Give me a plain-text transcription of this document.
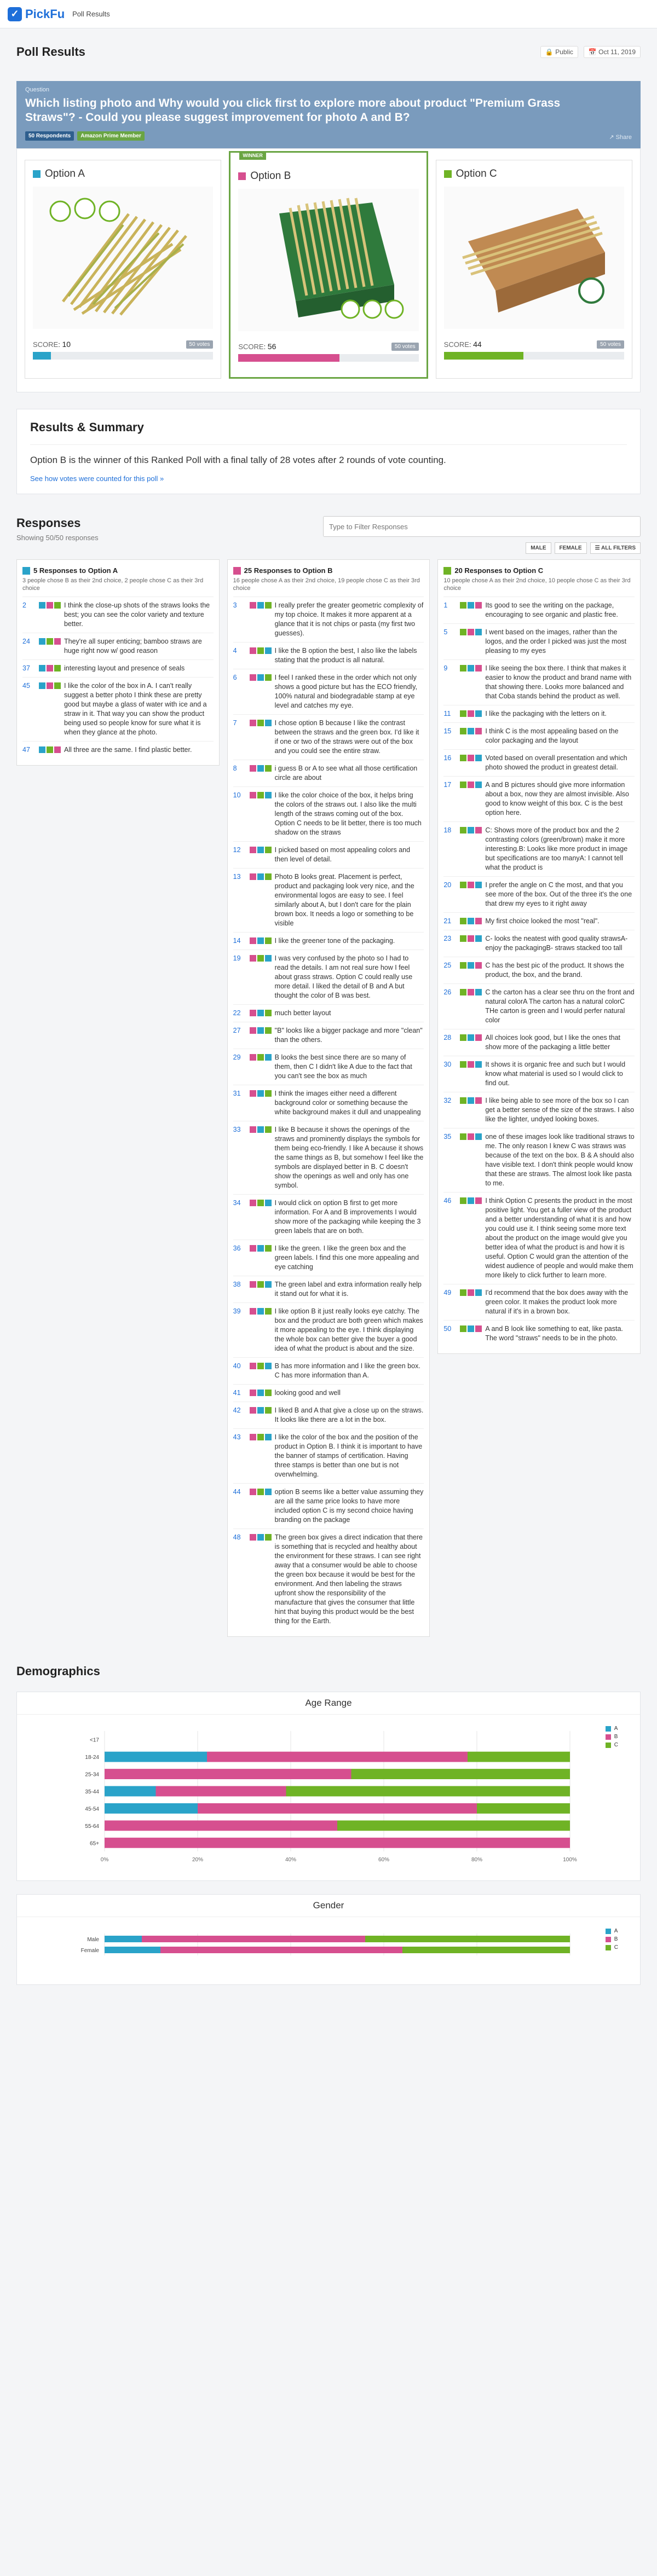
✓ PickFu Poll Results
Poll Results	🔒 Public	📅 Oct 11, 2019
Question
Which listing photo and Why would you click first to explore more about product "Premium Grass Straws"? - Could you please suggest improvement for photo A and B?
50 Respondents	Amazon Prime Member	↗ Share
Option A
SCORE: 10	50 votes
WINNER
Option B
SCORE: 56	50 votes
Option C
SCORE: 44	50 votes
Results & Summary
Option B is the winner of this Ranked Poll with a final tally of 28 votes after 2 rounds of vote counting.
See how votes were counted for this poll »
Responses
Showing 50/50 responses
Type to Filter Responses
MALE	FEMALE	☰ ALL FILTERS
5 Responses to Option A
3 people chose B as their 2nd choice, 2 people chose C as their 3rd choice
2	I think the close-up shots of the straws looks the best; you can see the color variety and texture better.
24	They're all super enticing; bamboo straws are huge right now w/ good reason
37	interesting layout and presence of seals
45	I like the color of the box in A. I can't really suggest a better photo I think these are pretty good but maybe a glass of water with ice and a straw in it. That way you can show the product being used so people know for sure what it is when they glance at the photo.
47	All three are the same. I find plastic better.
25 Responses to Option B
16 people chose A as their 2nd choice, 19 people chose C as their 3rd choice
3	I really prefer the greater geometric complexity of my top choice. It makes it more apparent at a glance that it is not chips or pasta (my first two guesses).
4	I like the B option the best, I also like the labels stating that the product is all natural.
6	I feel I ranked these in the order which not only shows a good picture but has the ECO friendly, 100% natural and biodegradable stamp at eye level and catches my eye.
7	I chose option B because I like the contrast between the straws and the green box. I'd like it if one or two of the straws were out of the box and you could see the entire straw.
8	i guess B or A to see what all those certification circle are about
10	I like the color choice of the box, it helps bring the colors of the straws out. I also like the multi length of the straws coming out of the box. Option C needs to be lit better, there is too much shadow on the straws
12	I picked based on most appealing colors and then level of detail.
13	Photo B looks great. Placement is perfect, product and packaging look very nice, and the environmental logos are easy to see. I feel similarly about A, but I don't care for the plain brown box. It needs a logo or something to be visible
14	I like the greener tone of the packaging.
19	I was very confused by the photo so I had to read the details. I am not real sure how I feel about grass straws. Option C could really use more detail. I liked the detail of B and A but thought the color of B was best.
22	much better layout
27	"B" looks like a bigger package and more "clean" than the others.
29	B looks the best since there are so many of them, then C I didn't like A due to the fact that you can't see the box as much
31	I think the images either need a different background color or something because the white background makes it dull and unappealing
33	I like B because it shows the openings of the straws and prominently displays the symbols for them being eco-friendly. I like A because it shows the same things as B, but somehow I feel like the symbols are displayed better in B. C doesn't show the openings as well and only has one symbol.
34	I would click on option B first to get more information. For A and B improvements I would show more of the packaging while keeping the 3 green labels that are on both.
36	I like the green. I like the green box and the green labels. I find this one more appealing and eye catching
38	The green label and extra information really help it stand out for what it is.
39	I like option B it just really looks eye catchy. The box and the product are both green which makes it more appealing to the eye. I think displaying the whole box can better give the buyer a good idea of what the product is about and the size.
40	B has more information and I like the green box. C has more information than A.
41	looking good and well
42	I liked B and A that give a close up on the straws. It looks like there are a lot in the box.
43	I like the color of the box and the position of the product in Option B. I think it is important to have the banner of stamps of certification. Having three stamps is better than one but is not overwhelming.
44	option B seems like a better value assuming they are all the same price looks to have more included option C is my second choice having branding on the package
48	The green box gives a direct indication that there is something that is recycled and healthy about the environment for these straws. I can see right away that a consumer would be able to choose the green box because it would be best for the environment. And then labeling the straws upfront show the responsibility of the manufacture that gives the consumer that little hint that buying this product would be the best thing for the Earth.
20 Responses to Option C
10 people chose A as their 2nd choice, 10 people chose C as their 3rd choice
1	Its good to see the writing on the package, encouraging to see organic and plastic free.
5	I went based on the images, rather than the logos, and the order I picked was just the most pleasing to my eyes
9	I like seeing the box there. I think that makes it easier to know the product and brand name with that showing there. Looks more balanced and that Coba stands behind the product as well.
11	I like the packaging with the letters on it.
15	I think C is the most appealing based on the color packaging and the layout
16	Voted based on overall presentation and which photo showed the product in greatest detail.
17	A and B pictures should give more information about a box, now they are almost invisible. Also good to know weight of this box. C is the best option here.
18	C: Shows more of the product box and the 2 contrasting colors (green/brown) make it more interesting.B: Looks like more product in image but specifications are too manyA: I cannot tell what the product is
20	I prefer the angle on C the most, and that you see more of the box. Out of the three it's the one that drew my eyes to it right away
21	My first choice looked the most "real".
23	C- looks the neatest with good quality strawsA- enjoy the packagingB- straws stacked too tall
25	C has the best pic of the product. It shows the product, the box, and the brand.
26	C the carton has a clear see thru on the front and natural colorA The carton has a natural colorC THe carton is green and I would perfer natural color
28	All choices look good, but I like the ones that show more of the packaging a little better
30	It shows it is organic free and such but I would know what material is used so I would click to find out.
32	I like being able to see more of the box so I can get a better sense of the size of the straws. I also like the lighter, undyed looking boxes.
35	one of these images look like traditional straws to me. The only reason I knew C was straws was because of the text on the box. B & A should also have visible text. I don't think people would know that these are straws. The almost look like pasta to me.
46	I think Option C presents the product in the most positive light. You get a fuller view of the product and a better understanding of what it is and how you could use it. I think seeing some more text about the product on the image would give you better idea of what the product is and how it is useful. Option C would gran the attention of the widest audience of people and would make them more likely to click further to learn more.
49	I'd recommend that the box does away with the green color. It makes the product look more natural if it's in a brown box.
50	A and B look like something to eat, like pasta. The word "straws" needs to be in the photo.
Demographics
Age Range
0%	20%	40%	60%	80%	100%
<17
18-24
25-34
35-44
45-54
55-64
65+
A
B
C
Gender
Male
Female
A
B
C
